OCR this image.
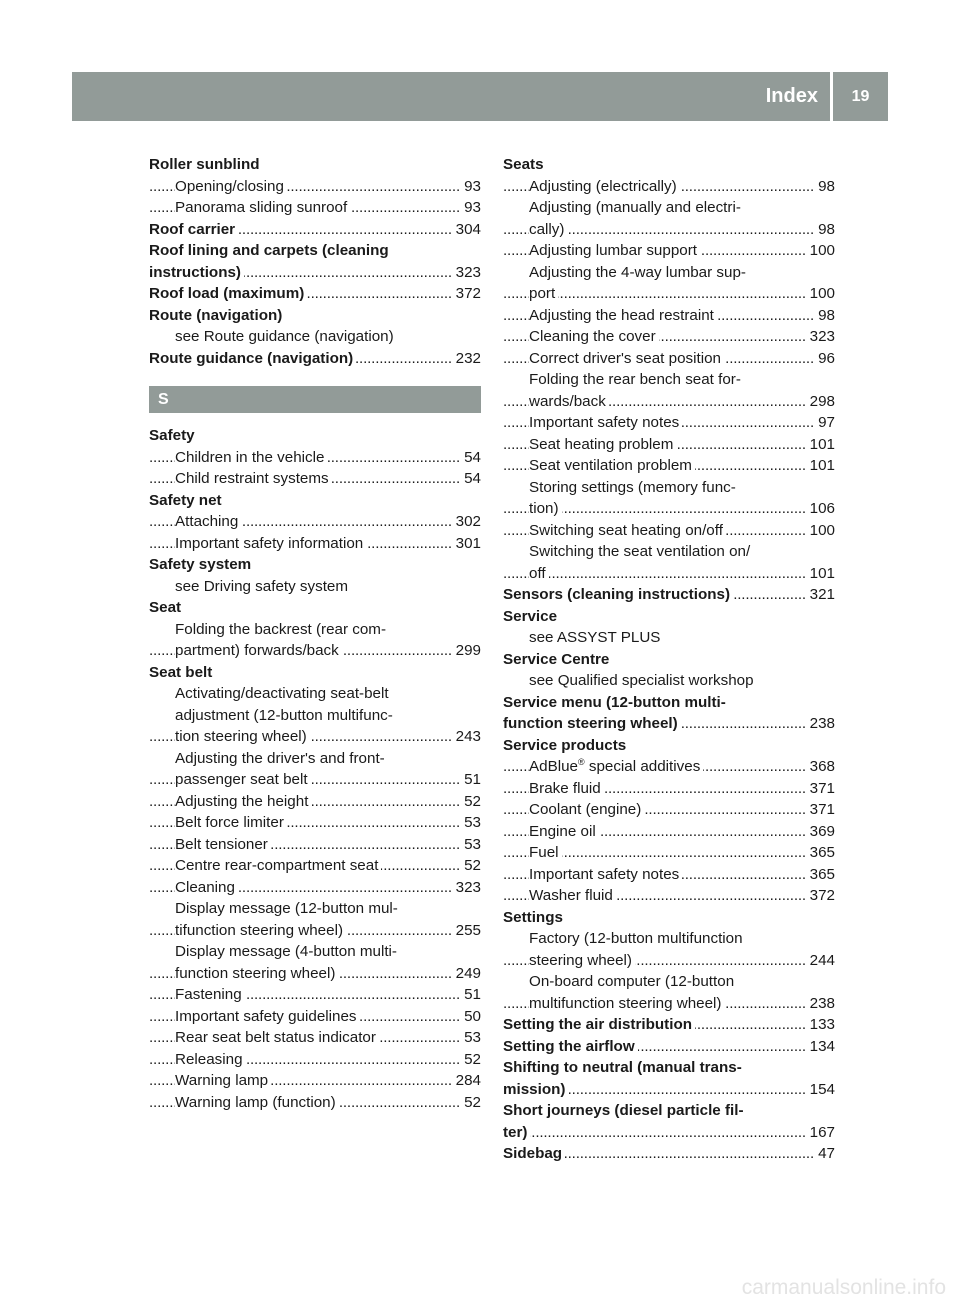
Index	19
Roller sunblind
Opening/closing	93
. . .
Panorama sliding sunroof	93
. . .
Roof carrier	304
. . .
Roof lining and carpets (cleaning
instructions)	323
. . .
Roof load (maximum)	372
. . .
Route (navigation)
see Route guidance (navigation)
Route guidance (navigation)	232
. . .
S
Safety
Children in the vehicle	54
. . .
Child restraint systems	54
. . .
Safety net
Attaching	302
. . .
Important safety information	301
. . .
Safety system
see Driving safety system
Seat
Folding the backrest (rear com-
partment) forwards/back	299
. . .
Seat belt
Activating/deactivating seat-belt
adjustment (12-button multifunc-
tion steering wheel)	243
. . .
Adjusting the driver's and front-
passenger seat belt	51
. . .
Adjusting the height	52
. . .
Belt force limiter	53
. . .
Belt tensioner	53
. . .
Centre rear-compartment seat	52
. . .
Cleaning	323
. . .
Display message (12-button mul-
tifunction steering wheel)	255
. . .
Display message (4-button multi-
function steering wheel)	249
. . .
Fastening	51
. . .
Important safety guidelines	50
. . .
Rear seat belt status indicator	53
. . .
Releasing	52
. . .
Warning lamp	284
. . .
Warning lamp (function)	52
. . .
Seats
Adjusting (electrically)	98
. . .
Adjusting (manually and electri-
cally)	98
. . .
Adjusting lumbar support	100
. . .
Adjusting the 4-way lumbar sup-
port	100
. . .
Adjusting the head restraint	98
. . .
Cleaning the cover	323
. . .
Correct driver's seat position	96
. . .
Folding the rear bench seat for-
wards/back	298
. . .
Important safety notes	97
. . .
Seat heating problem	101
. . .
Seat ventilation problem	101
. . .
Storing settings (memory func-
tion)	106
. . .
Switching seat heating on/off	100
. . .
Switching the seat ventilation on/
off	101
. . .
Sensors (cleaning instructions)	321
. . .
Service
see ASSYST PLUS
Service Centre
see Qualified specialist workshop
Service menu (12-button multi-
function steering wheel)	238
. . .
Service products
AdBlue® special additives	368
. . .
Brake fluid	371
. . .
Coolant (engine)	371
. . .
Engine oil	369
. . .
Fuel	365
. . .
Important safety notes	365
. . .
Washer fluid	372
. . .
Settings
Factory (12-button multifunction
steering wheel)	244
. . .
On-board computer (12-button
multifunction steering wheel)	238
. . .
Setting the air distribution	133
. . .
Setting the airflow	134
. . .
Shifting to neutral (manual trans-
mission)	154
. . .
Short journeys (diesel particle fil-
ter)	167
. . .
Sidebag	47
. . .
carmanualsonline.info
